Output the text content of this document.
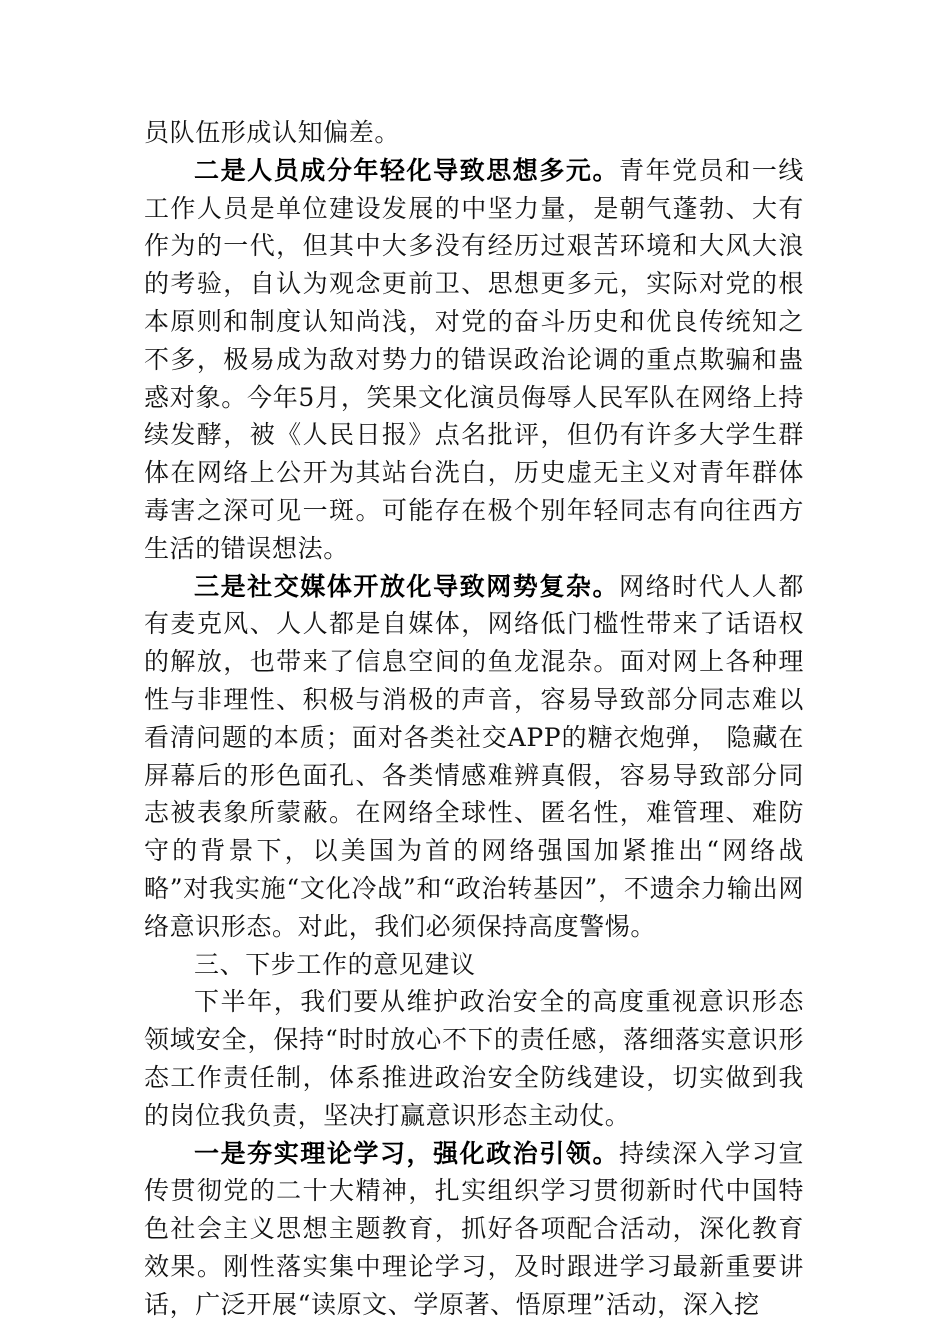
员队伍形成认知偏差。

二是人员成分年轻化导致思想多元。青年党员和一线工作人员是单位建设发展的中坚力量，是朝气蓬勃、大有作为的一代，但其中大多没有经历过艰苦环境和大风大浪的考验，自认为观念更前卫、思想更多元，实际对党的根本原则和制度认知尚浅，对党的奋斗历史和优良传统知之不多，极易成为敌对势力的错误政治论调的重点欺骗和蛊惑对象。今年5月，笑果文化演员侮辱人民军队在网络上持续发酵，被《人民日报》点名批评，但仍有许多大学生群体在网络上公开为其站台洗白，历史虚无主义对青年群体毒害之深可见一斑。可能存在极个别年轻同志有向往西方生活的错误想法。

三是社交媒体开放化导致网势复杂。网络时代人人都有麦克风、人人都是自媒体，网络低门槛性带来了话语权的解放，也带来了信息空间的鱼龙混杂。面对网上各种理性与非理性、积极与消极的声音，容易导致部分同志难以看清问题的本质；面对各类社交APP的糖衣炮弹， 隐藏在屏幕后的形色面孔、各类情感难辨真假，容易导致部分同志被表象所蒙蔽。在网络全球性、匿名性，难管理、难防守的背景下，以美国为首的网络强国加紧推出“网络战略”对我实施“文化冷战”和“政治转基因”，不遗余力输出网络意识形态。对此，我们必须保持高度警惕。

三、下步工作的意见建议

下半年，我们要从维护政治安全的高度重视意识形态领域安全，保持“时时放心不下的责任感，落细落实意识形态工作责任制，体系推进政治安全防线建设，切实做到我的岗位我负责，坚决打赢意识形态主动仗。

一是夯实理论学习，强化政治引领。持续深入学习宣传贯彻党的二十大精神，扎实组织学习贯彻新时代中国特色社会主义思想主题教育，抓好各项配合活动，深化教育效果。刚性落实集中理论学习，及时跟进学习最新重要讲话，广泛开展“读原文、学原著、悟原理”活动，深入挖
